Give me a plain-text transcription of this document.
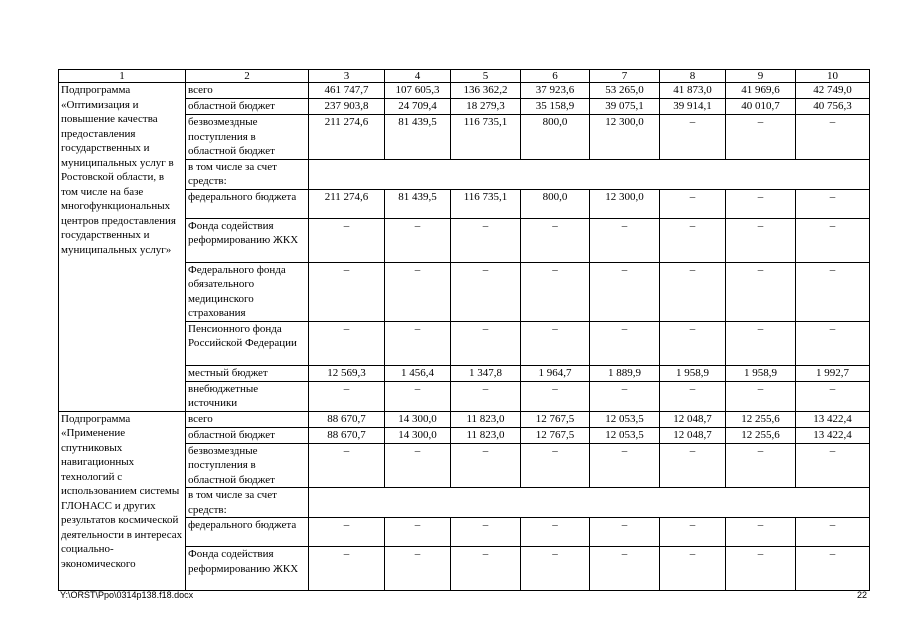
1	2	3	4	5	6	7	8	9	10
Подпрограмма «Оптимизация и повышение качества предоставления государственных и муниципальных услуг в Ростовской области, в том числе на базе многофункциональных центров предоставления государственных и муниципальных услуг»	всего	461 747,7	107 605,3	136 362,2	37 923,6	53 265,0	41 873,0	41 969,6	42 749,0
	областной бюджет	237 903,8	24 709,4	18 279,3	35 158,9	39 075,1	39 914,1	40 010,7	40 756,3
	безвозмездные поступления в областной бюджет	211 274,6	81 439,5	116 735,1	800,0	12 300,0	–	–	–
	в том числе за счет средств:								
	федерального бюджета	211 274,6	81 439,5	116 735,1	800,0	12 300,0	–	–	–
	Фонда содействия реформированию ЖКХ	–	–	–	–	–	–	–	–
	Федерального фонда обязательного медицинского страхования	–	–	–	–	–	–	–	–
	Пенсионного фонда Российской Федерации	–	–	–	–	–	–	–	–
	местный бюджет	12 569,3	1 456,4	1 347,8	1 964,7	1 889,9	1 958,9	1 958,9	1 992,7
	внебюджетные источники	–	–	–	–	–	–	–	–
Подпрограмма «Применение спутниковых навигационных технологий с использованием системы ГЛОНАСС и других результатов космической деятельности в интересах социально-экономического	всего	88 670,7	14 300,0	11 823,0	12 767,5	12 053,5	12 048,7	12 255,6	13 422,4
	областной бюджет	88 670,7	14 300,0	11 823,0	12 767,5	12 053,5	12 048,7	12 255,6	13 422,4
	безвозмездные поступления в областной бюджет	–	–	–	–	–	–	–	–
	в том числе за счет средств:								
	федерального бюджета	–	–	–	–	–	–	–	–
	Фонда содействия реформированию ЖКХ	–	–	–	–	–	–	–	–
Y:\ORST\Ppo\0314p138.f18.docx	22
